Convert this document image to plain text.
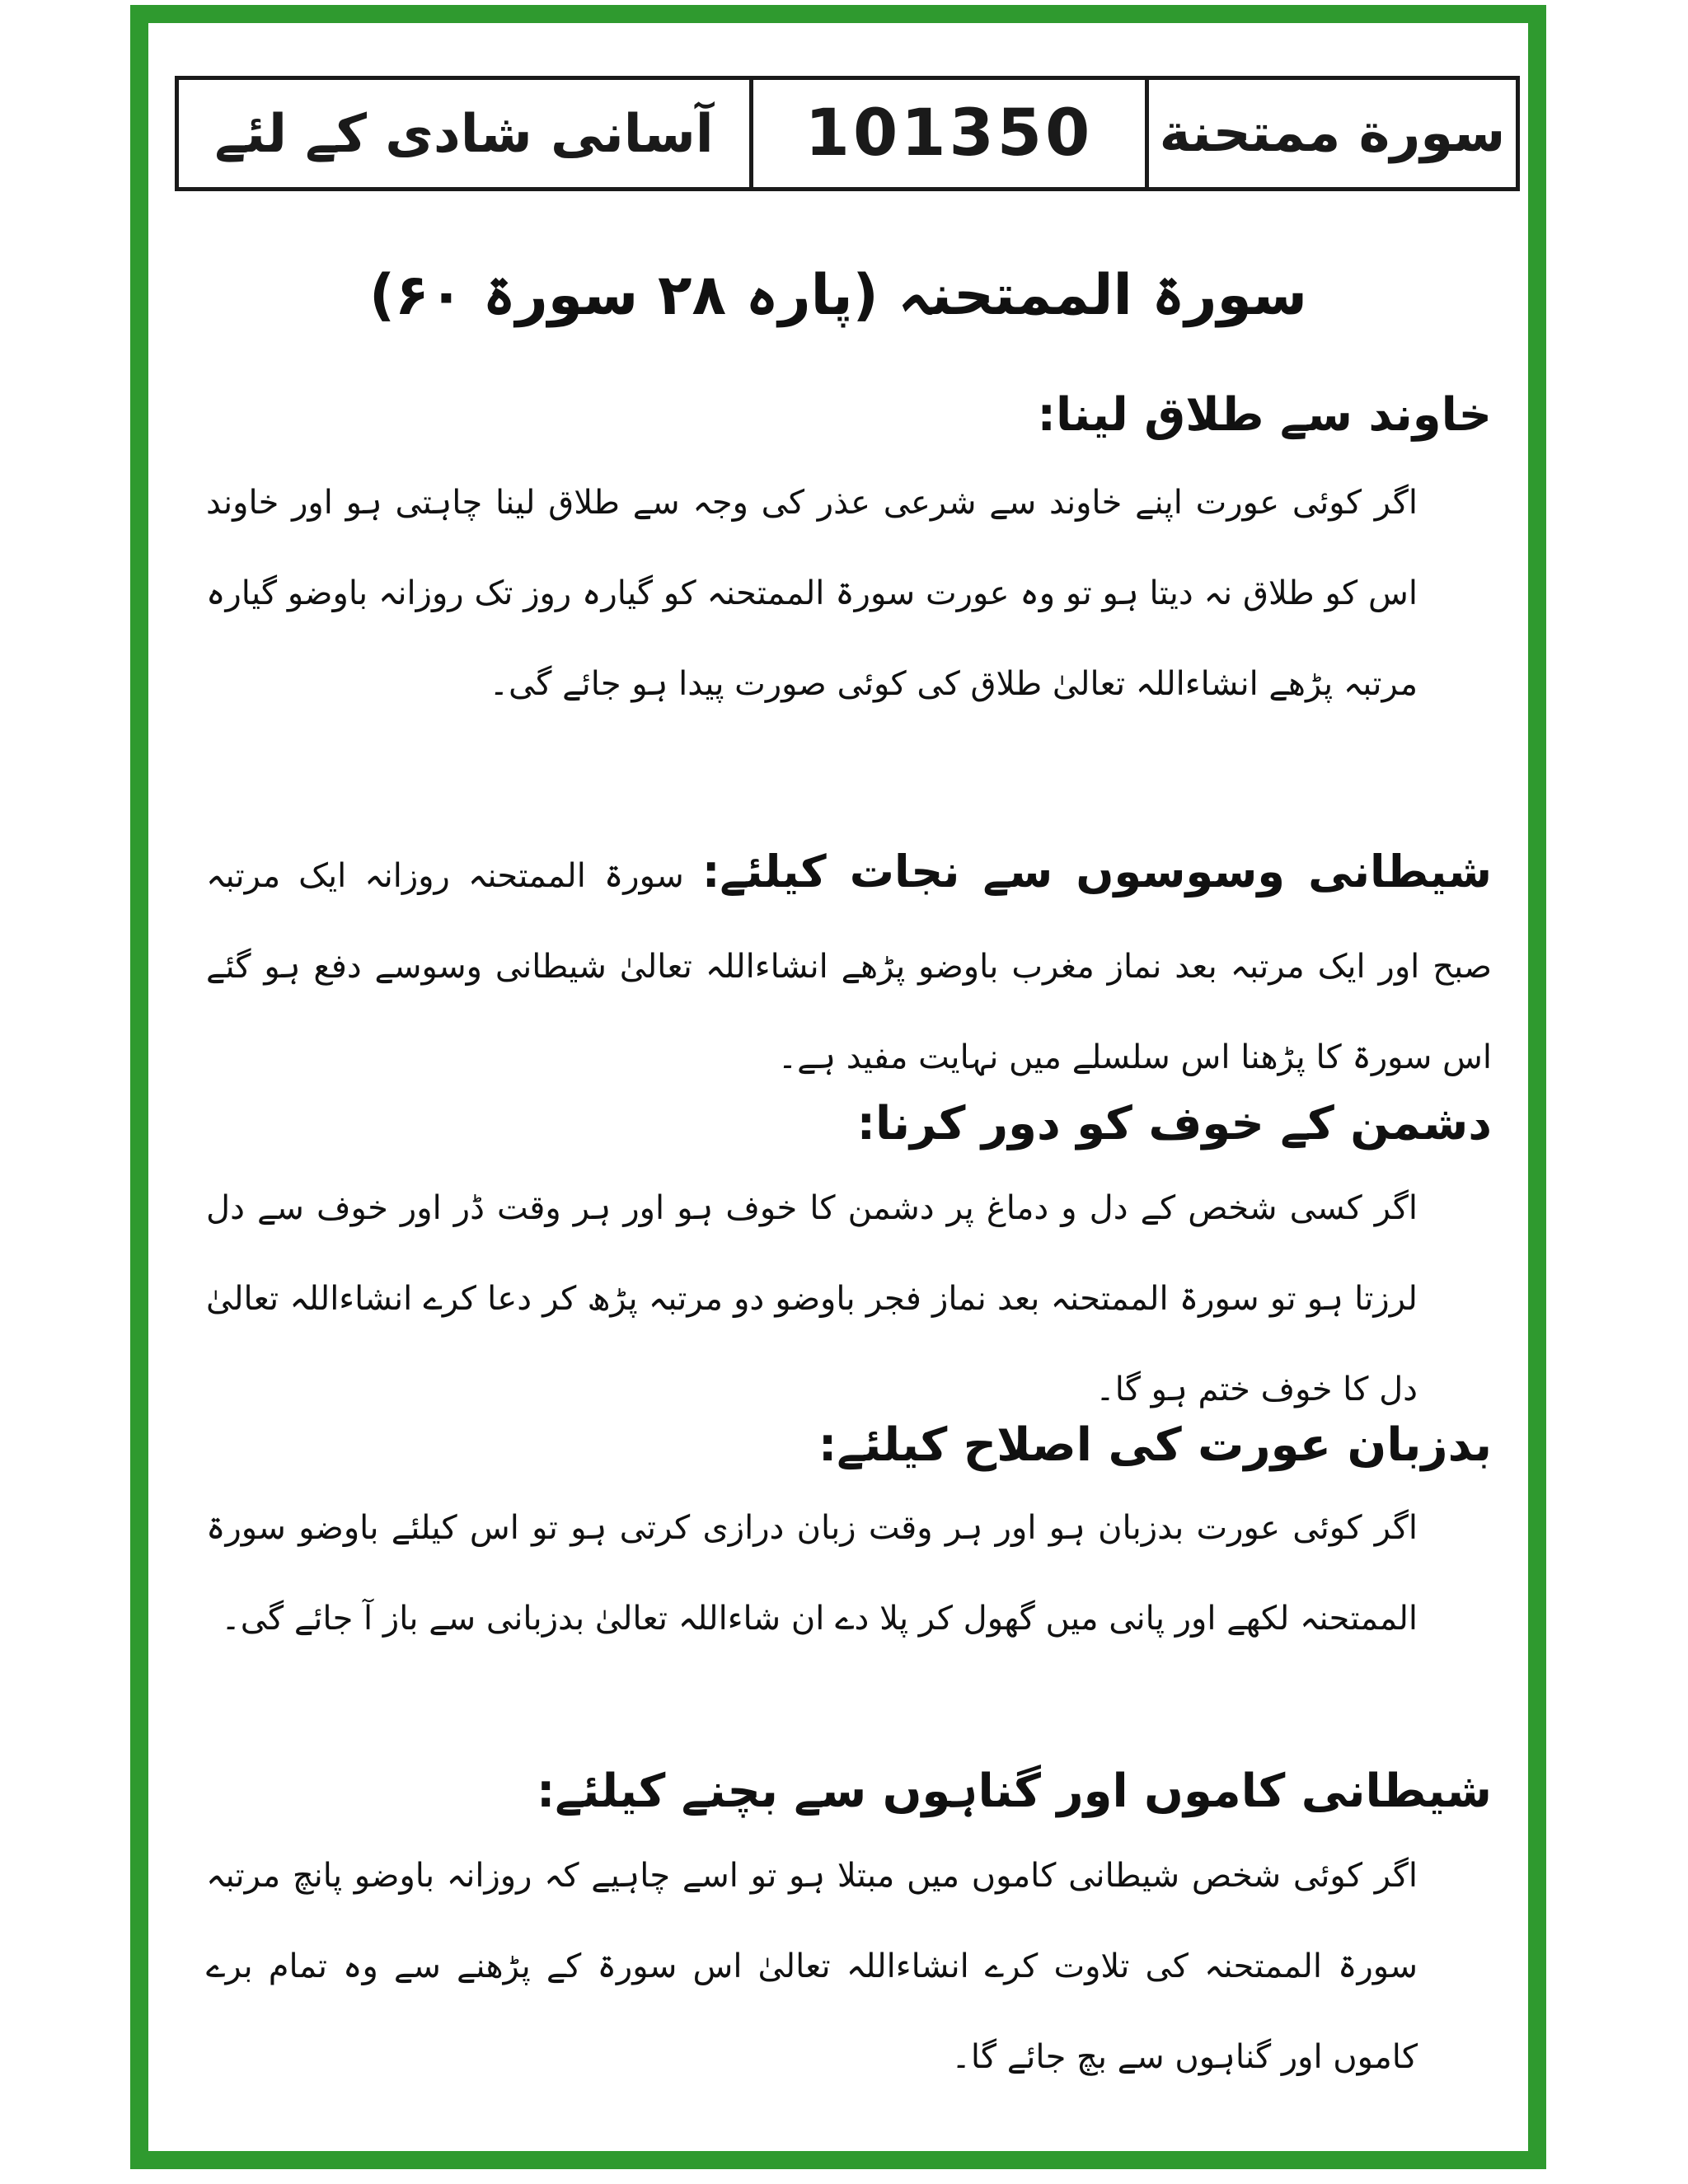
سورة ممتحنة
101350
آسانی شادی کے لئے
سورۃ الممتحنہ (پارہ ۲۸ سورۃ ۶۰)
خاوند سے طلاق لینا:
اگر کوئی عورت اپنے خاوند سے شرعی عذر کی وجہ سے طلاق لینا چاہتی ہو اور خاوند اس کو طلاق نہ دیتا ہو تو وہ عورت سورۃ الممتحنہ کو گیارہ روز تک روزانہ باوضو گیارہ مرتبہ پڑھے انشاءاللہ تعالیٰ طلاق کی کوئی صورت پیدا ہو جائے گی۔
شیطانی وسوسوں سے نجات کیلئے: سورۃ الممتحنہ روزانہ ایک مرتبہ صبح اور ایک مرتبہ بعد نماز مغرب باوضو پڑھے انشاءاللہ تعالیٰ شیطانی وسوسے دفع ہو گئے اس سورۃ کا پڑھنا اس سلسلے میں نہایت مفید ہے۔
دشمن کے خوف کو دور کرنا:
اگر کسی شخص کے دل و دماغ پر دشمن کا خوف ہو اور ہر وقت ڈر اور خوف سے دل لرزتا ہو تو سورۃ الممتحنہ بعد نماز فجر باوضو دو مرتبہ پڑھ کر دعا کرے انشاءاللہ تعالیٰ دل کا خوف ختم ہو گا۔
بدزبان عورت کی اصلاح کیلئے:
اگر کوئی عورت بدزبان ہو اور ہر وقت زبان درازی کرتی ہو تو اس کیلئے باوضو سورۃ الممتحنہ لکھے اور پانی میں گھول کر پلا دے ان شاءاللہ تعالیٰ بدزبانی سے باز آ جائے گی۔
شیطانی کاموں اور گناہوں سے بچنے کیلئے:
اگر کوئی شخص شیطانی کاموں میں مبتلا ہو تو اسے چاہیے کہ روزانہ باوضو پانچ مرتبہ سورۃ الممتحنہ کی تلاوت کرے انشاءاللہ تعالیٰ اس سورۃ کے پڑھنے سے وہ تمام برے کاموں اور گناہوں سے بچ جائے گا۔
